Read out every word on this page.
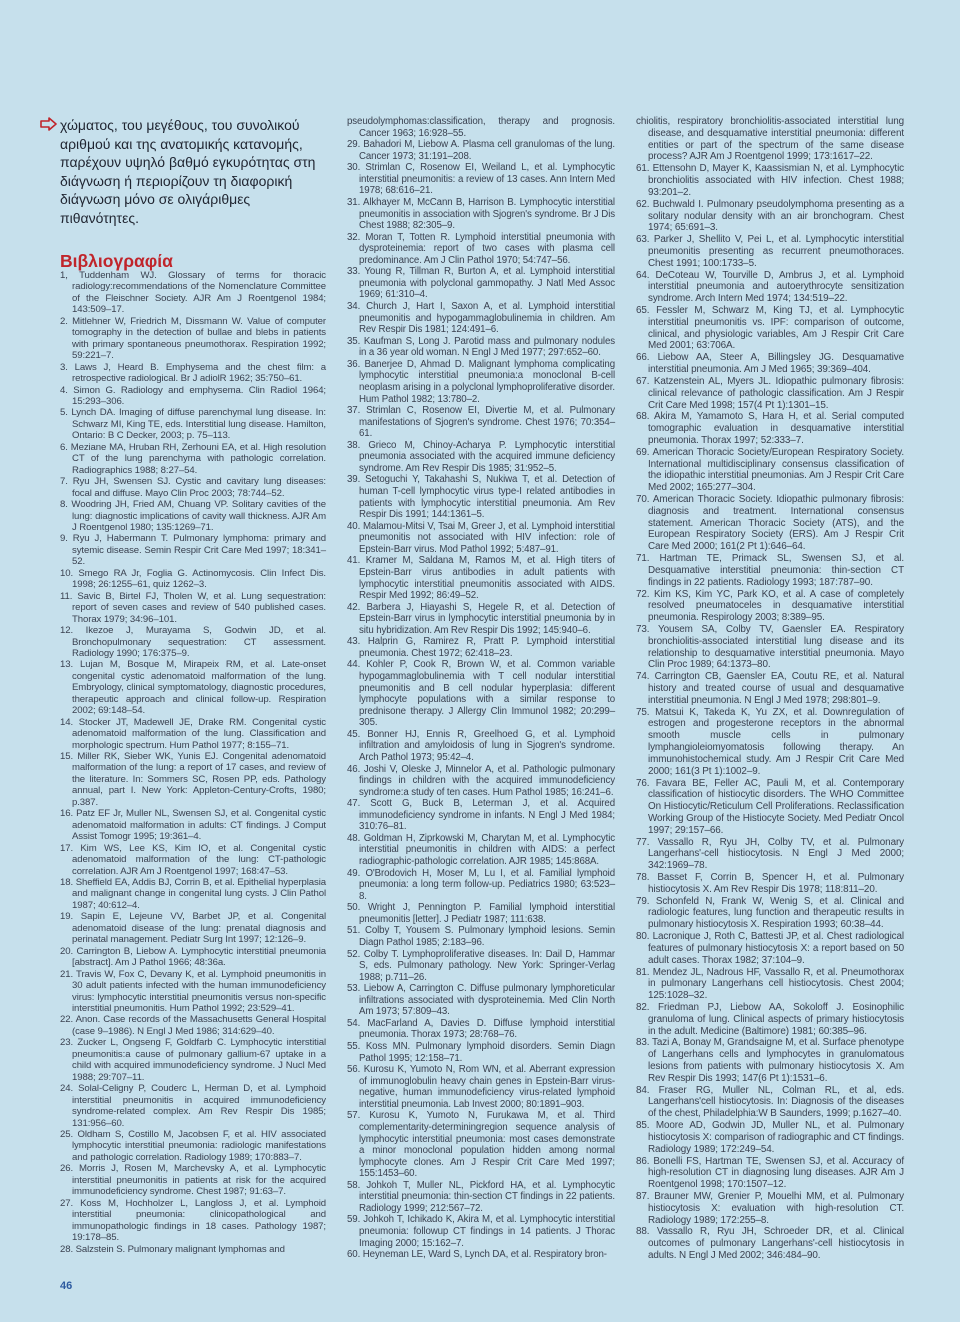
χώματος, του μεγέθους, του συνολικού αριθμού και της ανατομικής κατανομής, παρέχουν υψηλό βαθμό εγκυρότητας στη διάγνωση ή περιορίζουν τη διαφορική διάγνωση μόνο σε ολιγάριθμες πιθανότητες.

Βιβλιογραφία
1, Tuddenham WJ. Glossary of terms for thoracic radiology:recommendations of the Nomenclature Committee of the Fleischner Society. AJR Am J Roentgenol 1984; 143:509–17.
2. Mitlehner W, Friedrich M, Dissmann W. Value of computer tomography in the detection of bullae and blebs in patients with primary spontaneous pneumothorax. Respiration 1992; 59:221–7.
3. Laws J, Heard B. Emphysema and the chest film: a retrospective radiological. Br J adiolR 1962; 35:750–61.
4. Simon G. Radiology and emphysema. Clin Radiol 1964; 15:293–306.
5. Lynch DA. Imaging of diffuse parenchymal lung disease. In: Schwarz MI, King TE, eds. Interstitial lung disease. Hamilton, Ontario: B C Decker, 2003; p. 75–113.
6. Meziane MA, Hruban RH, Zerhouni EA, et al. High resolution CT of the lung parenchyma with pathologic correlation. Radiographics 1988; 8:27–54.
7. Ryu JH, Swensen SJ. Cystic and cavitary lung diseases: focal and diffuse. Mayo Clin Proc 2003; 78:744–52.
8. Woodring JH, Fried AM, Chuang VP. Solitary cavities of the lung: diagnostic implications of cavity wall thickness. AJR Am J Roentgenol 1980; 135:1269–71.
9. Ryu J, Habermann T. Pulmonary lymphoma: primary and sytemic disease. Semin Respir Crit Care Med 1997; 18:341–52.
10. Smego RA Jr, Foglia G. Actinomycosis. Clin Infect Dis. 1998; 26:1255–61, quiz 1262–3.
11. Savic B, Birtel FJ, Tholen W, et al. Lung sequestration: report of seven cases and review of 540 published cases. Thorax 1979; 34:96–101.
12. Ikezoe J, Murayama S, Godwin JD, et al. Bronchopulmonary sequestration: CT assessment. Radiology 1990; 176:375–9.
13. Lujan M, Bosque M, Mirapeix RM, et al. Late-onset congenital cystic adenomatoid malformation of the lung. Embryology, clinical symptomatology, diagnostic procedures, therapeutic approach and clinical follow-up. Respiration 2002; 69:148–54.
14. Stocker JT, Madewell JE, Drake RM. Congenital cystic adenomatoid malformation of the lung. Classification and morphologic spectrum. Hum Pathol 1977; 8:155–71.
15. Miller RK, Sieber WK, Yunis EJ. Congenital adenomatoid malformation of the lung: a report of 17 cases, and review of the literature. In: Sommers SC, Rosen PP, eds. Pathology annual, part I. New York: Appleton-Century-Crofts, 1980; p.387.
16. Patz EF Jr, Muller NL, Swensen SJ, et al. Congenital cystic adenomatoid malformation in adults: CT findings. J Comput Assist Tomogr 1995; 19:361–4.
17. Kim WS, Lee KS, Kim IO, et al. Congenital cystic adenomatoid malformation of the lung: CT-pathologic correlation. AJR Am J Roentgenol 1997; 168:47–53.
18. Sheffield EA, Addis BJ, Corrin B, et al. Epithelial hyperplasia and malignant change in congenital lung cysts. J Clin Pathol 1987; 40:612–4.
19. Sapin E, Lejeune VV, Barbet JP, et al. Congenital adenomatoid disease of the lung: prenatal diagnosis and perinatal management. Pediatr Surg Int 1997; 12:126–9.
20. Carrington B, Liebow A. Lymphocytic interstitial pneumonia [abstract]. Am J Pathol 1966; 48:36a.
21. Travis W, Fox C, Devany K, et al. Lymphoid pneumonitis in 30 adult patients infected with the human immunodeficiency virus: lymphocytic interstitial pneumonitis versus non-specific interstitial pneumonitis. Hum Pathol 1992; 23:529–41.
22. Anon. Case records of the Massachusetts General Hospital (case 9–1986). N Engl J Med 1986; 314:629–40.
23. Zucker L, Ongseng F, Goldfarb C. Lymphocytic interstitial pneumonitis:a cause of pulmonary gallium-67 uptake in a child with acquired immunodeficiency syndrome. J Nucl Med 1988; 29:707–11.
24. Solal-Celigny P, Couderc L, Herman D, et al. Lymphoid interstitial pneumonitis in acquired immunodeficiency syndrome-related complex. Am Rev Respir Dis 1985; 131:956–60.
25. Oldham S, Costillo M, Jacobsen F, et al. HIV associated lymphocytic interstitial pneumonia: radiologic manifestations and pathologic correlation. Radiology 1989; 170:883–7.
26. Morris J, Rosen M, Marchevsky A, et al. Lymphocytic interstitial pneumonitis in patients at risk for the acquired immunodeficiency syndrome. Chest 1987; 91:63–7.
27. Koss M, Hochholzer L, Langloss J, et al. Lymphoid interstitial pneumonia: clinicopathological and immunopathologic findings in 18 cases. Pathology 1987; 19:178–85.
28. Salzstein S. Pulmonary malignant lymphomas and
pseudolymphomas:classification, therapy and prognosis. Cancer 1963; 16:928–55.
29. Bahadori M, Liebow A. Plasma cell granulomas of the lung. Cancer 1973; 31:191–208.
30. Strimlan C, Rosenow EI, Weiland L, et al. Lymphocytic interstitial pneumonitis: a review of 13 cases. Ann Intern Med 1978; 68:616–21.
31. Alkhayer M, McCann B, Harrison B. Lymphocytic interstitial pneumonitis in association with Sjogren's syndrome. Br J Dis Chest 1988; 82:305–9.
32. Moran T, Totten R. Lymphoid interstitial pneumonia with dysproteinemia: report of two cases with plasma cell predominance. Am J Clin Pathol 1970; 54:747–56.
33. Young R, Tillman R, Burton A, et al. Lymphoid interstitial pneumonia with polyclonal gammopathy. J Natl Med Assoc 1969; 61:310–4.
34. Church J, Hart I, Saxon A, et al. Lymphoid interstitial pneumonitis and hypogammaglobulinemia in children. Am Rev Respir Dis 1981; 124:491–6.
35. Kaufman S, Long J. Parotid mass and pulmonary nodules in a 36 year old woman. N Engl J Med 1977; 297:652–60.
36. Banerjee D, Ahmad D. Malignant lymphoma complicating lymphocytic interstitial pneumonia:a monoclonal B-cell neoplasm arising in a polyclonal lymphoproliferative disorder. Hum Pathol 1982; 13:780–2.
37. Strimlan C, Rosenow EI, Divertie M, et al. Pulmonary manifestations of Sjogren's syndrome. Chest 1976; 70:354–61.
38. Grieco M, Chinoy-Acharya P. Lymphocytic interstitial pneumonia associated with the acquired immune deficiency syndrome. Am Rev Respir Dis 1985; 31:952–5.
39. Setoguchi Y, Takahashi S, Nukiwa T, et al. Detection of human T-cell lymphocytic virus type-I related antibodies in patients with lymphocytic interstitial pneumonia. Am Rev Respir Dis 1991; 144:1361–5.
40. Malamou-Mitsi V, Tsai M, Greer J, et al. Lymphoid interstitial pneumonitis not associated with HIV infection: role of Epstein-Barr virus. Mod Pathol 1992; 5:487–91.
41. Kramer M, Saldana M, Ramos M, et al. High titers of Epstein-Barr virus antibodies in adult patients with lymphocytic interstitial pneumonitis associated with AIDS. Respir Med 1992; 86:49–52.
42. Barbera J, Hiayashi S, Hegele R, et al. Detection of Epstein-Barr virus in lymphocytic interstitial pneumonia by in situ hybridization. Am Rev Respir Dis 1992; 145:940–6.
43. Halprin G, Ramirez R, Pratt P. Lymphoid interstitial pneumonia. Chest 1972; 62:418–23.
44. Kohler P, Cook R, Brown W, et al. Common variable hypogammaglobulinemia with T cell nodular interstitial pneumonitis and B cell nodular hyperplasia: different lymphocyte populations with a similar response to prednisone therapy. J Allergy Clin Immunol 1982; 20:299–305.
45. Bonner HJ, Ennis R, Greelhoed G, et al. Lymphoid infiltration and amyloidosis of lung in Sjogren's syndrome. Arch Pathol 1973; 95:42–4.
46. Joshi V, Oleske J, Minnelor A, et al. Pathologic pulmonary findings in children with the acquired immunodeficiency syndrome:a study of ten cases. Hum Pathol 1985; 16:241–6.
47. Scott G, Buck B, Leterman J, et al. Acquired immunodeficiency syndrome in infants. N Engl J Med 1984; 310:76–81.
48. Goldman H, Ziprkowski M, Charytan M, et al. Lymphocytic interstitial pneumonitis in children with AIDS: a perfect radiographic-pathologic correlation. AJR 1985; 145:868A.
49. O'Brodovich H, Moser M, Lu I, et al. Familial lymphoid pneumonia: a long term follow-up. Pediatrics 1980; 63:523–8.
50. Wright J, Pennington P. Familial lymphoid interstitial pneumonitis [letter]. J Pediatr 1987; 111:638.
51. Colby T, Yousem S. Pulmonary lymphoid lesions. Semin Diagn Pathol 1985; 2:183–96.
52. Colby T. Lymphoproliferative diseases. In: Dail D, Hammar S, eds. Pulmonary pathology. New York: Springer-Verlag 1988; p.711–26.
53. Liebow A, Carrington C. Diffuse pulmonary lymphoreticular infiltrations associated with dysproteinemia. Med Clin North Am 1973; 57:809–43.
54. MacFarland A, Davies D. Diffuse lymphoid interstitial pneumonia. Thorax 1973; 28:768–76.
55. Koss MN. Pulmonary lymphoid disorders. Semin Diagn Pathol 1995; 12:158–71.
56. Kurosu K, Yumoto N, Rom WN, et al. Aberrant expression of immunoglobulin heavy chain genes in Epstein-Barr virus-negative, human immunodeficiency virus-related lymphoid interstitial pneumonia. Lab Invest 2000; 80:1891–903.
57. Kurosu K, Yumoto N, Furukawa M, et al. Third complementarity-determiningregion sequence analysis of lymphocytic interstitial pneumonia: most cases demonstrate a minor monoclonal population hidden among normal lymphocyte clones. Am J Respir Crit Care Med 1997; 155:1453–60.
58. Johkoh T, Muller NL, Pickford HA, et al. Lymphocytic interstitial pneumonia: thin-section CT findings in 22 patients. Radiology 1999; 212:567–72.
59. Johkoh T, Ichikado K, Akira M, et al. Lymphocytic interstitial pneumonia: followup CT findings in 14 patients. J Thorac Imaging 2000; 15:162–7.
60. Heyneman LE, Ward S, Lynch DA, et al. Respiratory bron-
chiolitis, respiratory bronchiolitis-associated interstitial lung disease, and desquamative interstitial pneumonia: different entities or part of the spectrum of the same disease process? AJR Am J Roentgenol 1999; 173:1617–22.
61. Ettensohn D, Mayer K, Kaassismian N, et al. Lymphocytic bronchiolitis associated with HIV infection. Chest 1988; 93:201–2.
62. Buchwald I. Pulmonary pseudolymphoma presenting as a solitary nodular density with an air bronchogram. Chest 1974; 65:691–3.
63. Parker J, Shellito V, Pei L, et al. Lymphocytic interstitial pneumonitis presenting as recurrent pneumothoraces. Chest 1991; 100:1733–5.
64. DeCoteau W, Tourville D, Ambrus J, et al. Lymphoid interstitial pneumonia and autoerythrocyte sensitization syndrome. Arch Intern Med 1974; 134:519–22.
65. Fessler M, Schwarz M, King TJ, et al. Lymphocytic interstitial pneumonitis vs. IPF: comparison of outcome, clinical, and physiologic variables, Am J Respir Crit Care Med 2001; 63:706A.
66. Liebow AA, Steer A, Billingsley JG. Desquamative interstitial pneumonia. Am J Med 1965; 39:369–404.
67. Katzenstein AL, Myers JL. Idiopathic pulmonary fibrosis: clinical relevance of pathologic classification. Am J Respir Crit Care Med 1998; 157(4 Pt 1):1301–15.
68. Akira M, Yamamoto S, Hara H, et al. Serial computed tomographic evaluation in desquamative interstitial pneumonia. Thorax 1997; 52:333–7.
69. American Thoracic Society/European Respiratory Society. International multidisciplinary consensus classification of the idiopathic interstitial pneumonias. Am J Respir Crit Care Med 2002; 165:277–304.
70. American Thoracic Society. Idiopathic pulmonary fibrosis: diagnosis and treatment. International consensus statement. American Thoracic Society (ATS), and the European Respiratory Society (ERS). Am J Respir Crit Care Med 2000; 161(2 Pt 1):646–64.
71. Hartman TE, Primack SL, Swensen SJ, et al. Desquamative interstitial pneumonia: thin-section CT findings in 22 patients. Radiology 1993; 187:787–90.
72. Kim KS, Kim YC, Park KO, et al. A case of completely resolved pneumatoceles in desquamative interstitial pneumonia. Respirology 2003; 8:389–95.
73. Yousem SA, Colby TV, Gaensler EA. Respiratory bronchiolitis-associated interstitial lung disease and its relationship to desquamative interstitial pneumonia. Mayo Clin Proc 1989; 64:1373–80.
74. Carrington CB, Gaensler EA, Coutu RE, et al. Natural history and treated course of usual and desquamative interstitial pneumonia. N Engl J Med 1978; 298:801–9.
75. Matsui K, Takeda K, Yu ZX, et al. Downregulation of estrogen and progesterone receptors in the abnormal smooth muscle cells in pulmonary lymphangioleiomyomatosis following therapy. An immunohistochemical study. Am J Respir Crit Care Med 2000; 161(3 Pt 1):1002–9.
76. Favara BE, Feller AC, Pauli M, et al. Contemporary classification of histiocytic disorders. The WHO Committee On Histiocytic/Reticulum Cell Proliferations. Reclassification Working Group of the Histiocyte Society. Med Pediatr Oncol 1997; 29:157–66.
77. Vassallo R, Ryu JH, Colby TV, et al. Pulmonary Langerhans'-cell histiocytosis. N Engl J Med 2000; 342:1969–78.
78. Basset F, Corrin B, Spencer H, et al. Pulmonary histiocytosis X. Am Rev Respir Dis 1978; 118:811–20.
79. Schonfeld N, Frank W, Wenig S, et al. Clinical and radiologic features, lung function and therapeutic results in pulmonary histiocytosis X. Respiration 1993; 60:38–44.
80. Lacronique J, Roth C, Battesti JP, et al. Chest radiological features of pulmonary histiocytosis X: a report based on 50 adult cases. Thorax 1982; 37:104–9.
81. Mendez JL, Nadrous HF, Vassallo R, et al. Pneumothorax in pulmonary Langerhans cell histiocytosis. Chest 2004; 125:1028–32.
82. Friedman PJ, Liebow AA, Sokoloff J. Eosinophilic granuloma of lung. Clinical aspects of primary histiocytosis in the adult. Medicine (Baltimore) 1981; 60:385–96.
83. Tazi A, Bonay M, Grandsaigne M, et al. Surface phenotype of Langerhans cells and lymphocytes in granulomatous lesions from patients with pulmonary histiocytosis X. Am Rev Respir Dis 1993; 147(6 Pt 1):1531–6.
84. Fraser RG, Muller NL, Colman RL, et al, eds. Langerhans'cell histiocytosis. In: Diagnosis of the diseases of the chest, Philadelphia:W B Saunders, 1999; p.1627–40.
85. Moore AD, Godwin JD, Muller NL, et al. Pulmonary histiocytosis X: comparison of radiographic and CT findings. Radiology 1989; 172:249–54.
86. Bonelli FS, Hartman TE, Swensen SJ, et al. Accuracy of high-resolution CT in diagnosing lung diseases. AJR Am J Roentgenol 1998; 170:1507–12.
87. Brauner MW, Grenier P, Mouelhi MM, et al. Pulmonary histiocytosis X: evaluation with high-resolution CT. Radiology 1989; 172:255–8.
88. Vassallo R, Ryu JH, Schroeder DR, et al. Clinical outcomes of pulmonary Langerhans'-cell histiocytosis in adults. N Engl J Med 2002; 346:484–90.
46
